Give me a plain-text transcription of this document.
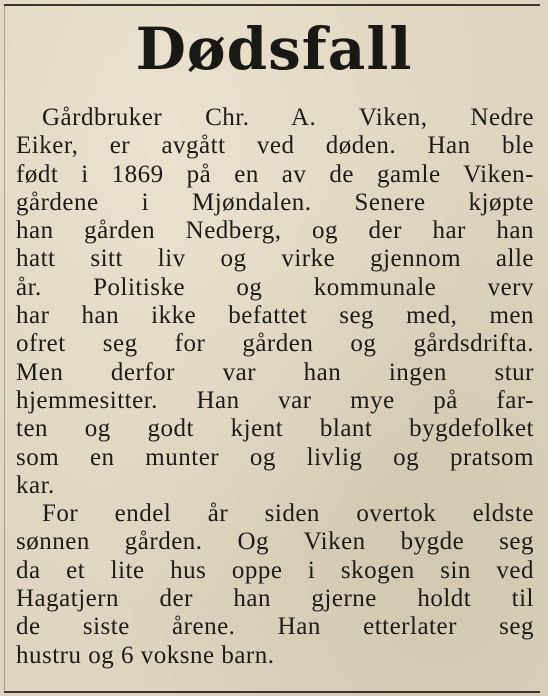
Dødsfall
Gårdbruker Chr. A. Viken, Nedre
Eiker, er avgått ved døden. Han ble
født i 1869 på en av de gamle Viken-
gårdene i Mjøndalen. Senere kjøpte
han gården Nedberg, og der har han
hatt sitt liv og virke gjennom alle
år. Politiske og kommunale verv
har han ikke befattet seg med, men
ofret seg for gården og gårdsdrifta.
Men derfor var han ingen stur
hjemmesitter. Han var mye på far-
ten og godt kjent blant bygdefolket
som en munter og livlig og pratsom
kar.
For endel år siden overtok eldste
sønnen gården. Og Viken bygde seg
da et lite hus oppe i skogen sin ved
Hagatjern der han gjerne holdt til
de siste årene. Han etterlater seg
hustru og 6 voksne barn.
